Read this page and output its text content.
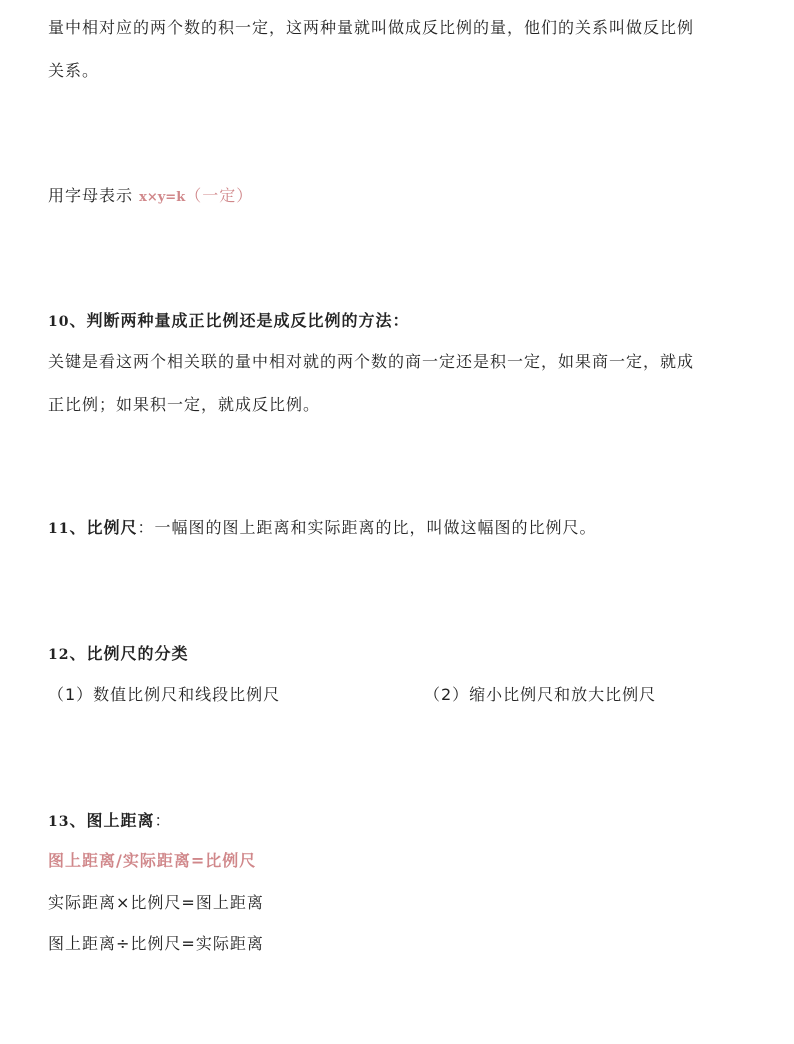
量中相对应的两个数的积一定，这两种量就叫做成反比例的量，他们的关系叫做反比例
关系。
用字母表示 x×y=k（一定）
10、判断两种量成正比例还是成反比例的方法：
关键是看这两个相关联的量中相对就的两个数的商一定还是积一定，如果商一定，就成
正比例；如果积一定，就成反比例。
11、比例尺：一幅图的图上距离和实际距离的比，叫做这幅图的比例尺。
12、比例尺的分类
（1）数值比例尺和线段比例尺	（2）缩小比例尺和放大比例尺
13、图上距离：
图上距离/实际距离=比例尺
实际距离×比例尺=图上距离
图上距离÷比例尺=实际距离
